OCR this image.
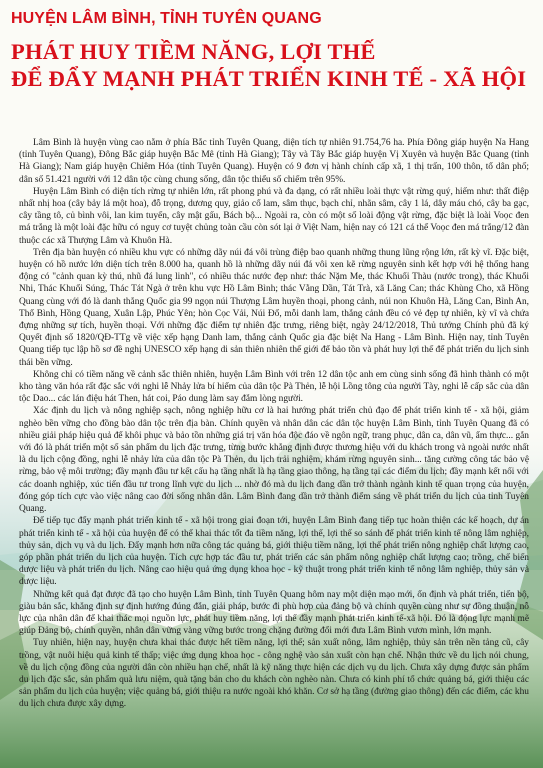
HUYỆN LÂM BÌNH, TỈNH TUYÊN QUANG
PHÁT HUY TIỀM NĂNG, LỢI THẾ
ĐỂ ĐẨY MẠNH PHÁT TRIỂN KINH TẾ - XÃ HỘI

Lâm Bình là huyện vùng cao nằm ở phía Bắc tỉnh Tuyên Quang, diện tích tự nhiên 91.754,76 ha. Phía Đông giáp huyện Na Hang (tỉnh Tuyên Quang), Đông Bắc giáp huyện Bắc Mê (tỉnh Hà Giang); Tây và Tây Bắc giáp huyện Vị Xuyên và huyện Bắc Quang (tỉnh Hà Giang); Nam giáp huyện Chiêm Hóa (tỉnh Tuyên Quang). Huyện có 9 đơn vị hành chính cấp xã, 1 thị trấn, 100 thôn, tổ dân phố; dân số 51.421 người với 12 dân tộc cùng chung sống, dân tộc thiểu số chiếm trên 95%.

Huyện Lâm Bình có diện tích rừng tự nhiên lớn, rất phong phú và đa dạng, có rất nhiều loài thực vật rừng quý, hiếm như: thất điệp nhất nhị hoa (cây bảy lá một hoa), đỗ trọng, dương quy, giảo cổ lam, sâm thục, bạch chỉ, nhãn sâm, cây 1 lá, dây máu chó, cây ba gạc, cây tầng tô, củ bình vôi, lan kim tuyến, cây mật gấu, Bách bộ... Ngoài ra, còn có một số loài động vật rừng, đặc biệt là loài Voọc đen má trắng là một loài đặc hữu có nguy cơ tuyệt chủng toàn cầu còn sót lại ở Việt Nam, hiện nay có 121 cá thể Voọc đen má trắng/12 đàn thuộc các xã Thượng Lâm và Khuôn Hà.

Trên địa bàn huyện có nhiều khu vực có những dãy núi đá vôi trùng điệp bao quanh những thung lũng rộng lớn, rất kỳ vĩ. Đặc biệt, huyện có hồ nước lớn diện tích trên 8.000 ha, quanh hồ là những dãy núi đá vôi xen kẽ rừng nguyên sinh kết hợp với hệ thống hang động có "cảnh quan kỳ thú, nhũ đá lung linh", có nhiều thác nước đẹp như: thác Nặm Me, thác Khuổi Thàu (nước trong), thác Khuổi Nhi, Thác Khuổi Súng, Thác Tát Ngà ở trên khu vực Hồ Lâm Bình; thác Vằng Dần, Tát Trà, xã Lăng Can; thác Khùng Cho, xã Hồng Quang cùng với đó là danh thắng Quốc gia 99 ngọn núi Thượng Lâm huyền thoại, phong cảnh, núi non Khuôn Hà, Lăng Can, Bình An, Thổ Bình, Hồng Quang, Xuân Lập, Phúc Yên; hòn Cọc Vải, Núi Đổ, mỗi danh lam, thắng cảnh đều có vẻ đẹp tự nhiên, kỳ vĩ và chứa đựng những sự tích, huyền thoại. Với những đặc điểm tự nhiên đặc trưng, riêng biệt, ngày 24/12/2018, Thủ tướng Chính phủ đã ký Quyết định số 1820/QĐ-TTg về việc xếp hạng Danh lam, thắng cảnh Quốc gia đặc biệt Na Hang - Lâm Bình. Hiện nay, tỉnh Tuyên Quang tiếp tục lập hồ sơ đề nghị UNESCO xếp hạng di sản thiên nhiên thế giới để bảo tồn và phát huy lợi thế để phát triển du lịch sinh thái bền vững.

Không chỉ có tiềm năng về cảnh sắc thiên nhiên, huyện Lâm Bình với trên 12 dân tộc anh em cùng sinh sống đã hình thành có một kho tàng văn hóa rất đặc sắc với nghi lễ Nhảy lửa bí hiểm của dân tộc Pà Thẻn, lễ hội Lồng tông của người Tày, nghi lễ cấp sắc của dân tộc Dao... các lán điệu hát Then, hát coi, Páo dung làm say đắm lòng người.

Xác định du lịch và nông nghiệp sạch, nông nghiệp hữu cơ là hai hướng phát triển chủ đạo để phát triển kinh tế - xã hội, giảm nghèo bền vững cho đồng bào dân tộc trên địa bàn. Chính quyền và nhân dân các dân tộc huyện Lâm Bình, tỉnh Tuyên Quang đã có nhiều giải pháp hiệu quả để khôi phục và bảo tồn những giá trị văn hóa độc đáo về ngôn ngữ, trang phục, dân ca, dân vũ, ẩm thực... gắn với đó là phát triển một số sản phẩm du lịch đặc trưng, từng bước khẳng định được thương hiệu với du khách trong và ngoài nước nhất là du lịch cộng đồng, nghi lễ nhảy lửa của dân tộc Pà Thẻn, du lịch trải nghiệm, khám rừng nguyên sinh... tăng cường công tác bảo vệ rừng, bảo vệ môi trường; đầy mạnh đầu tư kết cấu hạ tầng nhất là hạ tầng giao thông, hạ tầng tại các điểm du lịch; đầy mạnh kết nối với các doanh nghiệp, xúc tiến đầu tư trong lĩnh vực du lịch ... nhờ đó mà du lịch đang dần trở thành ngành kinh tế quan trọng của huyện, đóng góp tích cực vào việc nâng cao đời sống nhân dân. Lâm Bình đang dần trở thành điểm sáng về phát triển du lịch của tỉnh Tuyên Quang.

Để tiếp tục đẩy mạnh phát triển kinh tế - xã hội trong giai đoạn tới, huyện Lâm Bình đang tiếp tục hoàn thiện các kế hoạch, dự án phát triển kinh tế - xã hội của huyện để có thể khai thác tốt đa tiềm năng, lợi thế, lợi thế so sánh để phát triển kinh tế nông lâm nghiệp, thủy sản, dịch vụ và du lịch. Đẩy mạnh hơn nữa công tác quảng bá, giới thiệu tiềm năng, lợi thế phát triển nông nghiệp chất lượng cao, góp phần phát triển du lịch của huyện. Tích cực hợp tác đầu tư, phát triển các sản phẩm nông nghiệp chất lượng cao; trồng, chế biến dược liệu và phát triển du lịch. Nâng cao hiệu quả ứng dụng khoa học - kỹ thuật trong phát triển kinh tế nông lâm nghiệp, thủy sản và dược liệu.

Những kết quả đạt được đã tạo cho huyện Lâm Bình, tỉnh Tuyên Quang hôm nay một diện mạo mới, ổn định và phát triển, tiến bộ, giàu bản sắc, khẳng định sự định hướng đúng đắn, giải pháp, bước đi phù hợp của đảng bộ và chính quyền cùng như sự đồng thuận, nỗ lực của nhân dân để khai thác mọi nguồn lực, phát huy tiềm năng, lợi thế đầy mạnh phát triển kinh tế-xã hội. Đó là động lực mạnh mẽ giúp Đảng bộ, chính quyền, nhân dân vững vàng vững bước trong chặng đường đổi mới đưa Lâm Bình vươn mình, lớn mạnh.

Tuy nhiên, hiện nay, huyện chưa khai thác được hết tiềm năng, lợi thế; sản xuất nông, lâm nghiệp, thủy sản trên nền tảng cũ, cây trồng, vật nuôi hiệu quả kinh tế thấp; việc ứng dụng khoa học - công nghệ vào sản xuất còn hạn chế. Nhận thức về du lịch nói chung, về du lịch cộng đồng của người dân còn nhiều hạn chế, nhất là kỹ năng thực hiện các dịch vụ du lịch. Chưa xây dựng được sản phẩm du lịch đặc sắc, sản phẩm quà lưu niệm, quà tặng bản cho du khách còn nghèo nàn. Chưa có kinh phí tổ chức quảng bá, giới thiệu các sản phẩm du lịch của huyện; việc quảng bá, giới thiệu ra nước ngoài khó khăn. Cơ sở hạ tầng (đường giao thông) đến các điểm, các khu du lịch chưa được xây dựng.
